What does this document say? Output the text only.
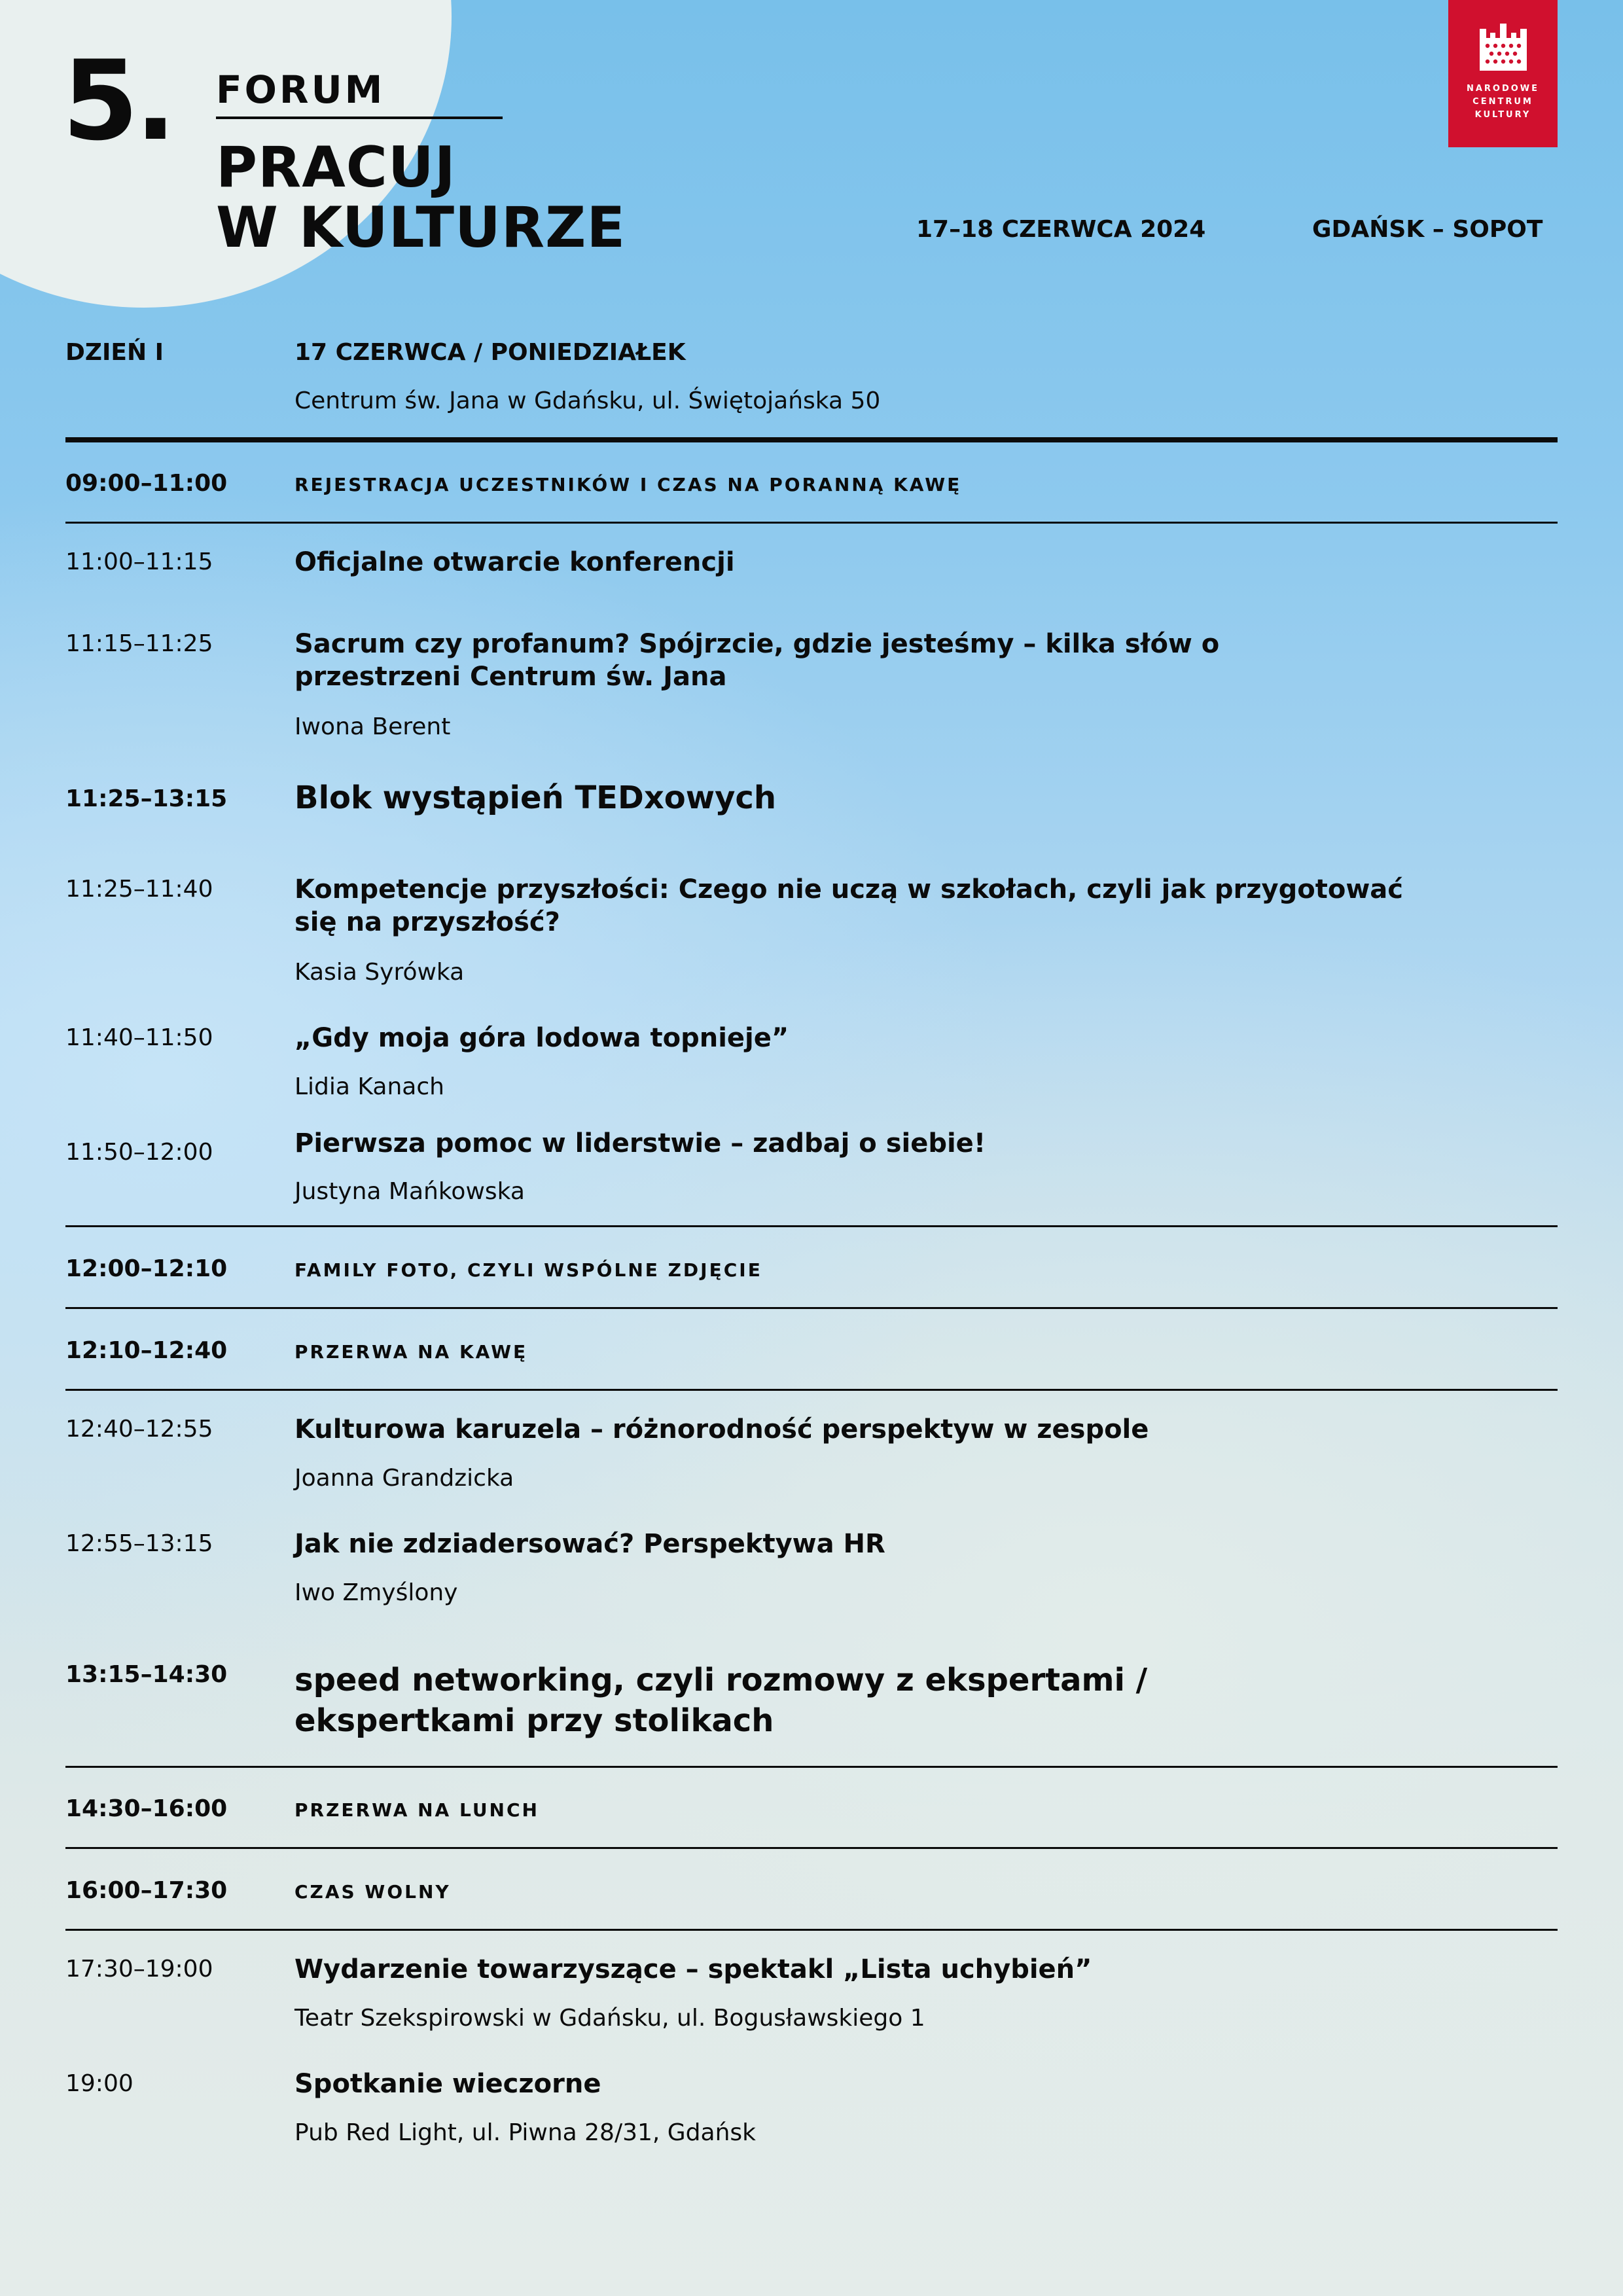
5. FORUM
PRACUJ
W KULTURZE
NARODOWE
CENTRUM
KULTURY
17–18 CZERWCA 2024	GDAŃSK – SOPOT
DZIEŃ I	17 CZERWCA / PONIEDZIAŁEK
Centrum św. Jana w Gdańsku, ul. Świętojańska 50
09:00–11:00	REJESTRACJA UCZESTNIKÓW I CZAS NA PORANNĄ KAWĘ
11:00–11:15	Oficjalne otwarcie konferencji
11:15–11:25	Sacrum czy profanum? Spójrzcie, gdzie jesteśmy – kilka słów o przestrzeni Centrum św. Jana
Iwona Berent
11:25–13:15 Blok wystąpień TEDxowych
11:25–11:40	Kompetencje przyszłości: Czego nie uczą w szkołach, czyli jak przygotować się na przyszłość?
Kasia Syrówka
11:40–11:50	„Gdy moja góra lodowa topnieje”
Lidia Kanach
11:50–12:00	Pierwsza pomoc w liderstwie – zadbaj o siebie!
Justyna Mańkowska
12:00–12:10	FAMILY FOTO, CZYLI WSPÓLNE ZDJĘCIE
12:10–12:40	PRZERWA NA KAWĘ
12:40–12:55	Kulturowa karuzela – różnorodność perspektyw w zespole
Joanna Grandzicka
12:55–13:15	Jak nie zdziadersować? Perspektywa HR
Iwo Zmyślony
13:15–14:30 speed networking, czyli rozmowy z ekspertami / ekspertkami przy stolikach
14:30–16:00	PRZERWA NA LUNCH
16:00–17:30	CZAS WOLNY
17:30–19:00	Wydarzenie towarzyszące – spektakl „Lista uchybień”
Teatr Szekspirowski w Gdańsku, ul. Bogusławskiego 1
19:00	Spotkanie wieczorne
Pub Red Light, ul. Piwna 28/31, Gdańsk
